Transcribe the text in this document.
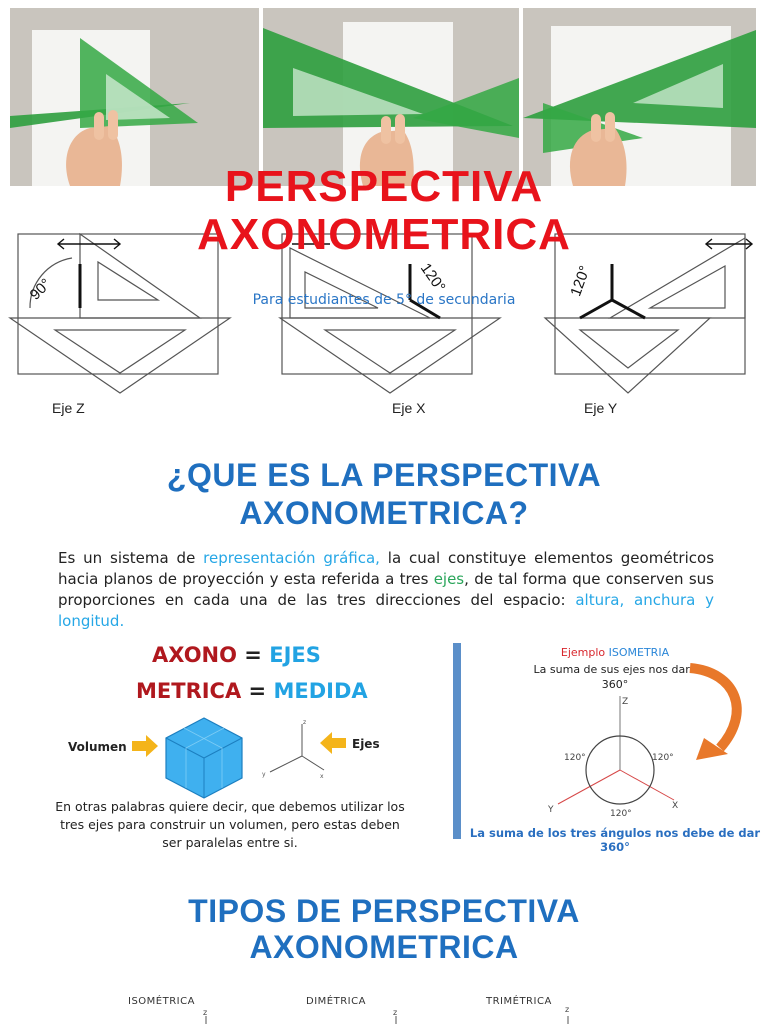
90°	120°	120°
PERSPECTIVA
AXONOMETRICA
Para estudiantes de 5° de secundaria
Eje Z	Eje X	Eje Y
¿QUE ES LA PERSPECTIVA
AXONOMETRICA?
Es un sistema de representación gráfica, la cual constituye elementos geométricos hacia planos de proyección y esta referida a tres ejes, de tal forma que conserven sus proporciones en cada una de las tres direcciones del espacio: altura, anchura y longitud.
AXONO = EJES
METRICA = MEDIDA
Volumen
z
y	x
Ejes
En otras palabras quiere decir, que debemos utilizar los tres ejes para construir un volumen, pero estas deben ser paralelas entre si.
Ejemplo ISOMETRIA
La suma de sus ejes nos dará 360°
Z
Y	X
120°	120°
120°
La suma de los tres ángulos nos debe de dar 360°
TIPOS DE PERSPECTIVA
AXONOMETRICA
ISOMÉTRICA	DIMÉTRICA	TRIMÉTRICA
z	z	z
